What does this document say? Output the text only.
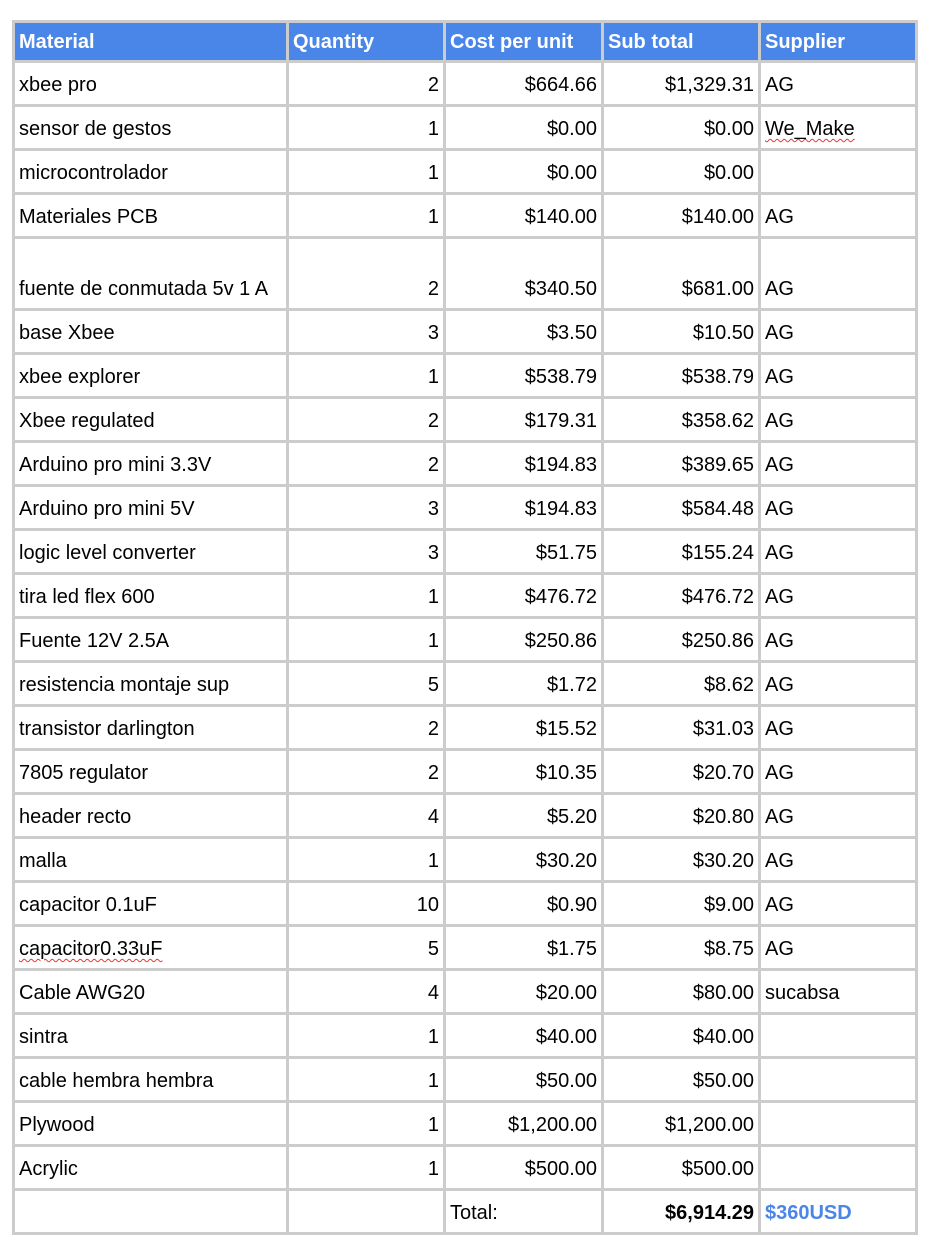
Material	Quantity	Cost per unit	Sub total	Supplier
xbee pro	2	$664.66	$1,329.31	AG
sensor de gestos	1	$0.00	$0.00	We_Make
microcontrolador	1	$0.00	$0.00	
Materiales PCB	1	$140.00	$140.00	AG
fuente de conmutada 5v 1 A	2	$340.50	$681.00	AG
base Xbee	3	$3.50	$10.50	AG
xbee explorer	1	$538.79	$538.79	AG
Xbee regulated	2	$179.31	$358.62	AG
Arduino pro mini 3.3V	2	$194.83	$389.65	AG
Arduino pro mini 5V	3	$194.83	$584.48	AG
logic level converter	3	$51.75	$155.24	AG
tira led flex 600	1	$476.72	$476.72	AG
Fuente 12V 2.5A	1	$250.86	$250.86	AG
resistencia montaje sup	5	$1.72	$8.62	AG
transistor darlington	2	$15.52	$31.03	AG
7805 regulator	2	$10.35	$20.70	AG
header recto	4	$5.20	$20.80	AG
malla	1	$30.20	$30.20	AG
capacitor 0.1uF	10	$0.90	$9.00	AG
capacitor0.33uF	5	$1.75	$8.75	AG
Cable AWG20	4	$20.00	$80.00	sucabsa
sintra	1	$40.00	$40.00	
cable hembra hembra	1	$50.00	$50.00	
Plywood	1	$1,200.00	$1,200.00	
Acrylic	1	$500.00	$500.00	
		Total:	$6,914.29	$360USD
